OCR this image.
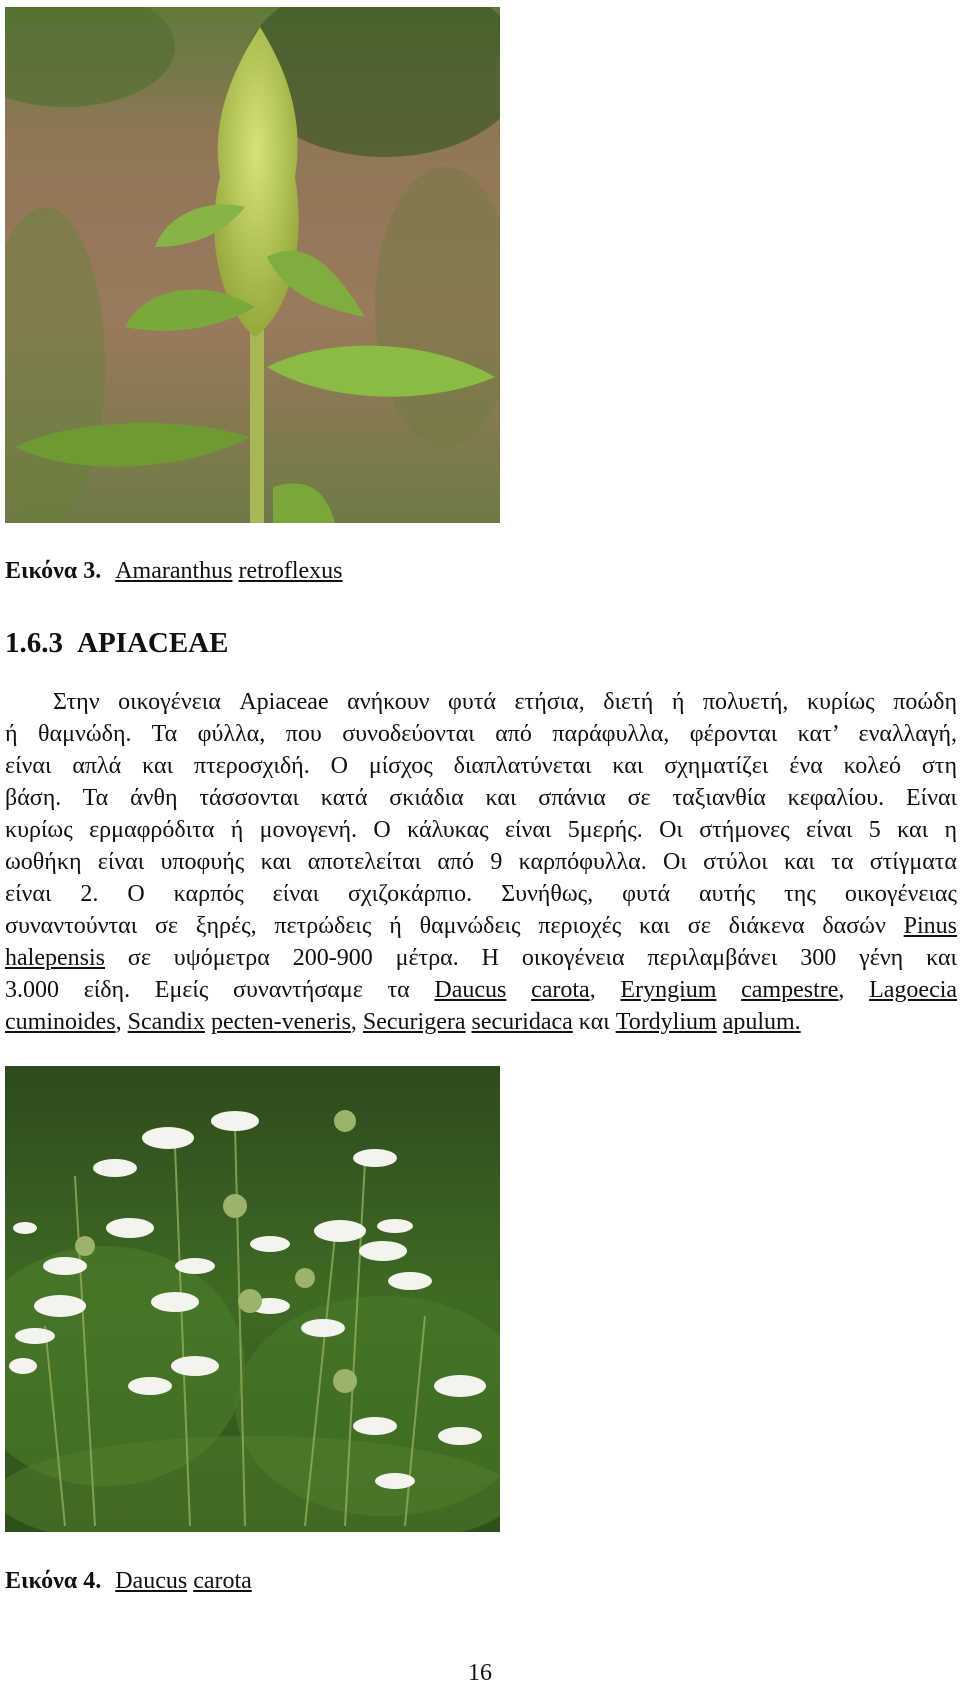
Εικόνα 3. Amaranthus retroflexus
1.6.3 APIACEAE
Στην οικογένεια Apiaceae ανήκουν φυτά ετήσια, διετή ή πολυετή, κυρίως ποώδη
ή θαμνώδη. Τα φύλλα, που συνοδεύονται από παράφυλλα, φέρονται κατ’ εναλλαγή,
είναι απλά και πτεροσχιδή. Ο μίσχος διαπλατύνεται και σχηματίζει ένα κολεό στη
βάση. Τα άνθη τάσσονται κατά σκιάδια και σπάνια σε ταξιανθία κεφαλίου. Είναι
κυρίως ερμαφρόδιτα ή μονογενή. Ο κάλυκας είναι 5μερής. Οι στήμονες είναι 5 και η
ωοθήκη είναι υποφυής και αποτελείται από 9 καρπόφυλλα. Οι στύλοι και τα στίγματα
είναι 2. Ο καρπός είναι σχιζοκάρπιο. Συνήθως, φυτά αυτής της οικογένειας
συναντούνται σε ξηρές, πετρώδεις ή θαμνώδεις περιοχές και σε διάκενα δασών Pinus
halepensis σε υψόμετρα 200-900 μέτρα. Η οικογένεια περιλαμβάνει 300 γένη και
3.000 είδη. Εμείς συναντήσαμε τα Daucus carota, Eryngium campestre, Lagoecia
cuminoides, Scandix pecten-veneris, Securigera securidaca και Tordylium apulum.
Εικόνα 4. Daucus carota
16
